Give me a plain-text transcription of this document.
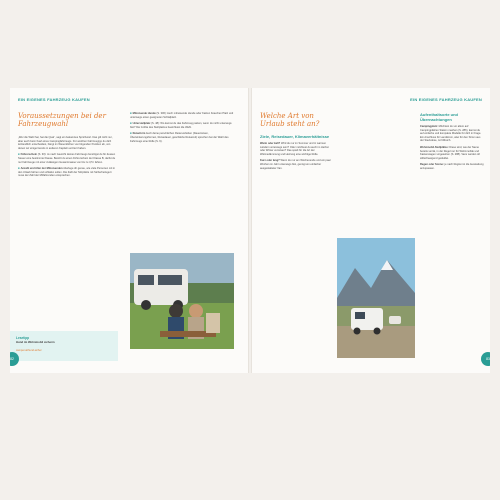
EIN EIGENES FAHRZEUG KAUFEN
Voraussetzungen bei der Fahrzeugwahl
„Wer die Wahl hat, hat die Qual“, sagt ein bekanntes Sprichwort. Das gilt nicht nur, aber auch beim Kauf eines Campingfahrzeugs. Für welchen Fahrzeugtyp du dich letztendlich entscheidest, hängt im Wesentlichen von folgenden Punkten ab, von denen wir einige bereits in anderen Kapiteln erörtert haben.
■Führerschein (S. 30): Je nach Gewicht deines Fahrzeugs benötigst du für dessen Steuer eine bestimmte Klasse. Besitzt du einen Führerschein der Klasse B, darfst du nur Fahrzeuge mit einer zulässigen Gesamtmasse von bis zu 3,5 t fahren.
■Anzahl und Alter der Mitreisenden überlege dir genau, wie viele Personen mit in den Urlaub fahren und schlafen sollen. Die Zahl der Sitzplätze mit Sicherheitsgurt muss der Zahl der Mitfahrenden entsprechen.
■Mitreisende Hunde (S. 306): Auch mitreisende Hunde oder Katzen brauchen Platz und unterwegs einen geeigneten Schlafplatz.
■Unterstellplatz (S. 48): Wo kannst du das Fahrzeug parken, wenn du nicht unterwegs bist? Die Größe des Stellplatzes beeinflusst die Wahl.
■Reiseform Auch deine persönlichen Reisevorlieben (Dauerreisen, Überwinterungsformen, Reisedauer, geschätzte Reisezeit) sprechen bei der Wahl des Fahrzeugs eine Rolle (S. 9).
Lesetipp
Hund im Wohnmobil sicherm
camper.at/hund-sicher
82
EIN EIGENES FAHRZEUG KAUFEN
Welche Art von Urlaub steht an?
Ziele, Reisedauer, Klimaverhältnisse
Warm oder kalt? Wird du nur im Sommer und in warmen Ländern unterwegs sein? Oder möchtest du auch im Herbst oder Winter verreisen? Das spielt für die Art der Wärmedämmung und Heizung eine wichtige Rolle.
Kurz oder lang? Wenn du nur am Wochenende und ein paar Wochen im Jahr unterwegs bist, genügt ein einfacher ausgestatteter Van.
Aufenthaltsorte und Übernachtungen
Campingplatz: Möchtest du vor allem auf Campingplätzen Station machen (S. 286), kannst du auf einfache und kompakte Modelle für dich in Frage. Ein Anschluss für Landstrom, also für den Strom aus der Steckdose, ist hilfreich.
Wohnmobil-Stellplätze: Diese sind, wie der Name bereits verrät, in der Regel nur für Wohnmobile und Kastenwagen vorgesehen (S. 288). Vans werden oft stillschweigend geduldet.
Regen oder Sonne: je nach Region ist die Ausstattung anzupassen.
83
